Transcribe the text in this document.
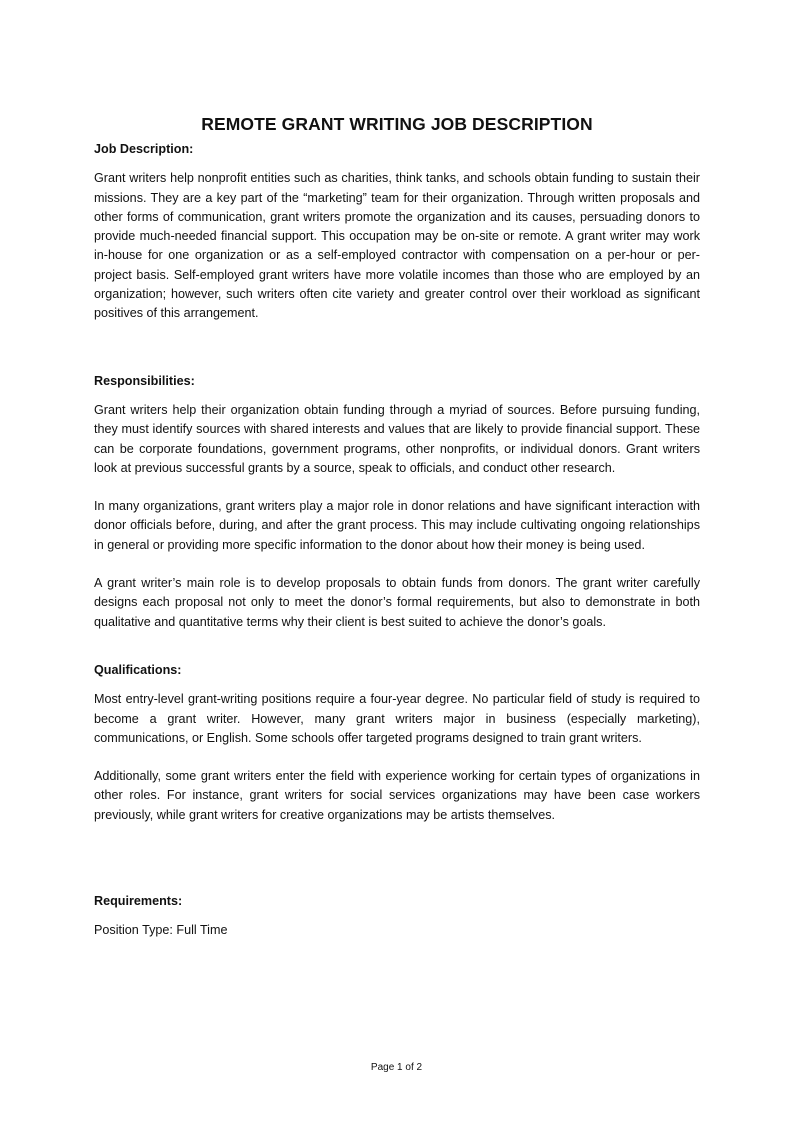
REMOTE GRANT WRITING JOB DESCRIPTION
Job Description:

Grant writers help nonprofit entities such as charities, think tanks, and schools obtain funding to sustain their missions. They are a key part of the “marketing” team for their organization. Through written proposals and other forms of communication, grant writers promote the organization and its causes, persuading donors to provide much-needed financial support. This occupation may be on-site or remote. A grant writer may work in-house for one organization or as a self-employed contractor with compensation on a per-hour or per-project basis. Self-employed grant writers have more volatile incomes than those who are employed by an organization; however, such writers often cite variety and greater control over their workload as significant positives of this arrangement.

Responsibilities:

Grant writers help their organization obtain funding through a myriad of sources. Before pursuing funding, they must identify sources with shared interests and values that are likely to provide financial support. These can be corporate foundations, government programs, other nonprofits, or individual donors. Grant writers look at previous successful grants by a source, speak to officials, and conduct other research.

In many organizations, grant writers play a major role in donor relations and have significant interaction with donor officials before, during, and after the grant process. This may include cultivating ongoing relationships in general or providing more specific information to the donor about how their money is being used.

A grant writer’s main role is to develop proposals to obtain funds from donors. The grant writer carefully designs each proposal not only to meet the donor’s formal requirements, but also to demonstrate in both qualitative and quantitative terms why their client is best suited to achieve the donor’s goals.

Qualifications:

Most entry-level grant-writing positions require a four-year degree. No particular field of study is required to become a grant writer. However, many grant writers major in business (especially marketing), communications, or English. Some schools offer targeted programs designed to train grant writers.

Additionally, some grant writers enter the field with experience working for certain types of organizations in other roles. For instance, grant writers for social services organizations may have been case workers previously, while grant writers for creative organizations may be artists themselves.

Requirements:

Position Type: Full Time

Page 1 of 2
